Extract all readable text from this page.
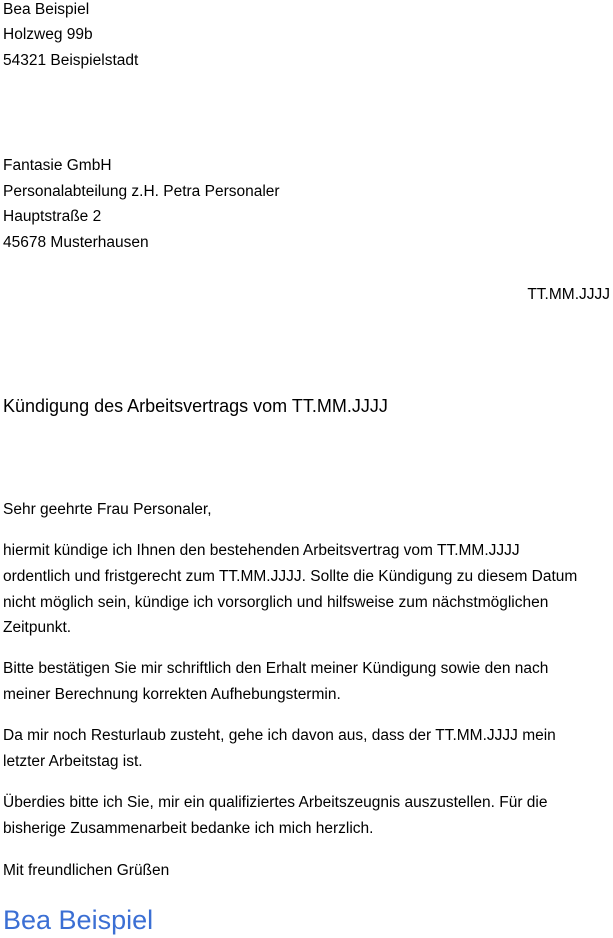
Bea Beispiel
Holzweg 99b
54321 Beispielstadt
Fantasie GmbH
Personalabteilung z.H. Petra Personaler
Hauptstraße 2
45678 Musterhausen
TT.MM.JJJJ
Kündigung des Arbeitsvertrags vom TT.MM.JJJJ
Sehr geehrte Frau Personaler,
hiermit kündige ich Ihnen den bestehenden Arbeitsvertrag vom TT.MM.JJJJ
ordentlich und fristgerecht zum TT.MM.JJJJ. Sollte die Kündigung zu diesem Datum
nicht möglich sein, kündige ich vorsorglich und hilfsweise zum nächstmöglichen
Zeitpunkt.
Bitte bestätigen Sie mir schriftlich den Erhalt meiner Kündigung sowie den nach
meiner Berechnung korrekten Aufhebungstermin.
Da mir noch Resturlaub zusteht, gehe ich davon aus, dass der TT.MM.JJJJ mein
letzter Arbeitstag ist.
Überdies bitte ich Sie, mir ein qualifiziertes Arbeitszeugnis auszustellen. Für die
bisherige Zusammenarbeit bedanke ich mich herzlich.
Mit freundlichen Grüßen
Bea Beispiel
